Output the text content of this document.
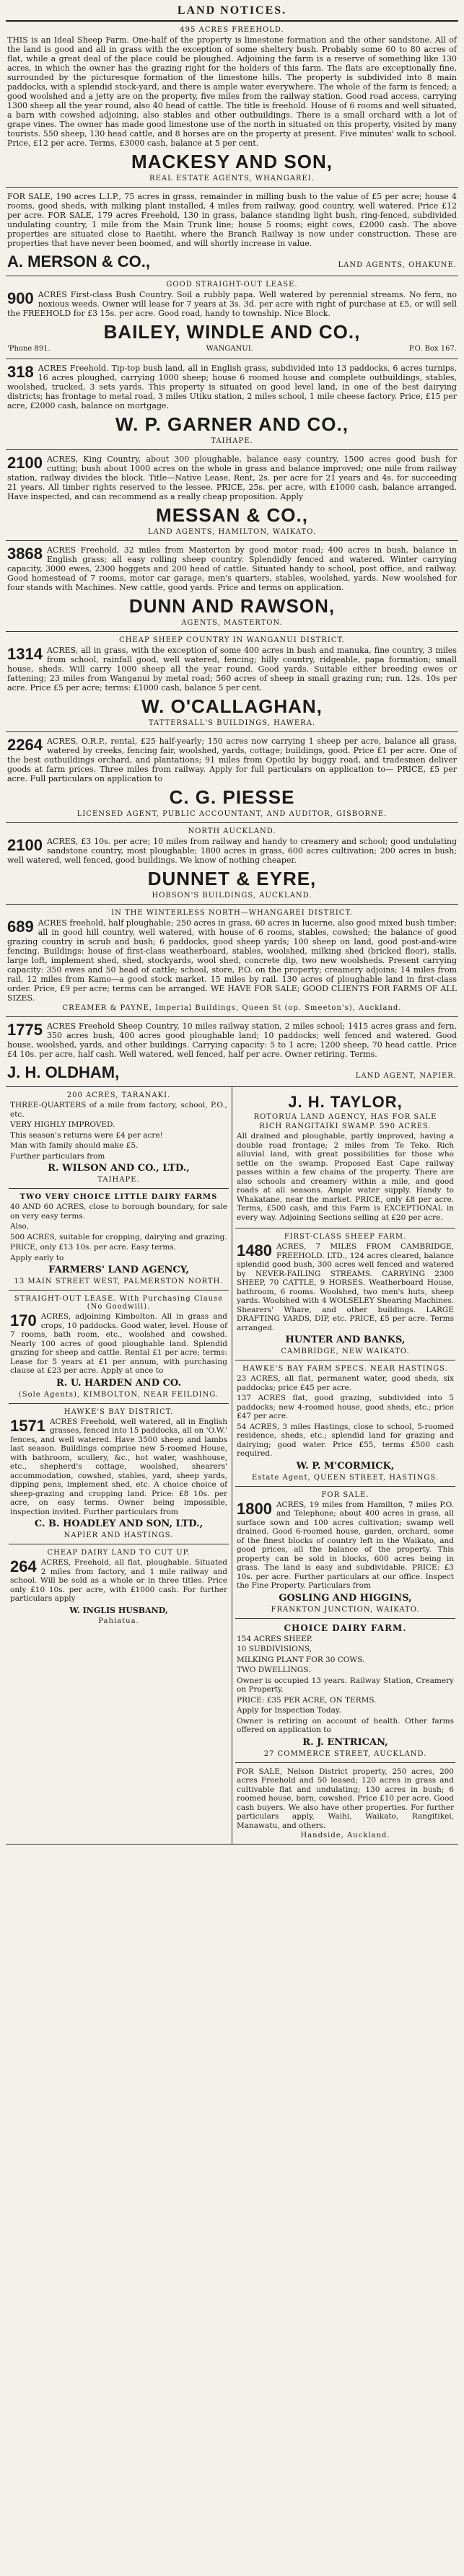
LAND NOTICES.
495 ACRES FREEHOLD.

THIS is an Ideal Sheep Farm. One-half of the property is limestone formation and the other sandstone. All of the land is good and all in grass with the exception of some sheltery bush. Probably some 60 to 80 acres of flat, while a great deal of the place could be ploughed. Adjoining the farm is a reserve of something like 130 acres, in which the owner has the grazing right for the holders of this farm. The flats are exceptionally fine, surrounded by the picturesque formation of the limestone hills. The property is subdivided into 8 main paddocks, with a splendid stock-yard, and there is ample water everywhere. The whole of the farm is fenced; a good woolshed and a jetty are on the property, five miles from the railway station. Good road access, carrying 1300 sheep all the year round, also 40 head of cattle. The title is freehold. House of 6 rooms and well situated, a barn with cowshed adjoining, also stables and other outbuildings. There is a small orchard with a lot of grape vines. The owner has made good limestone use of the north in situated on this property, visited by many tourists. 550 sheep, 130 head cattle, and 8 horses are on the property at present. Five minutes' walk to school. Price, £12 per acre. Terms, £3000 cash, balance at 5 per cent.

MACKESY AND SON,
REAL ESTATE AGENTS, WHANGAREI.

FOR SALE, 190 acres L.I.P., 75 acres in grass, remainder in milling bush to the value of £5 per acre; house 4 rooms, good sheds, with milking plant installed, 4 miles from railway, good country, well watered. Price £12 per acre. FOR SALE, 179 acres Freehold, 130 in grass, balance standing light bush, ring-fenced, subdivided undulating country, 1 mile from the Main Trunk line; house 5 rooms; eight cows, £2000 cash. The above properties are situated close to Raetihi, where the Branch Railway is now under construction. These are properties that have never been boomed, and will shortly increase in value.

A. MERSON & CO.,	LAND AGENTS, OHAKUNE.
GOOD STRAIGHT-OUT LEASE.

900 ACRES First-class Bush Country. Soil a rubbly papa. Well watered by perennial streams. No fern, no noxious weeds. Owner will lease for 7 years at 3s. 3d. per acre with right of purchase at £5, or will sell the FREEHOLD for £3 15s. per acre. Good road, handy to township. Nice Block.

BAILEY, WINDLE AND CO.,
'Phone 891.	WANGANUI.	P.O. Box 167.

318 ACRES Freehold. Tip-top bush land, all in English grass, subdivided into 13 paddocks, 6 acres turnips, 16 acres ploughed, carrying 1000 sheep; house 6 roomed house and complete outbuildings, stables, woolshed, trucked, 3 sets yards. This property is situated on good level land, in one of the best dairying districts; has frontage to metal road, 3 miles Utiku station, 2 miles school, 1 mile cheese factory. Price, £15 per acre, £2000 cash, balance on mortgage.

W. P. GARNER AND CO.,
TAIHAPE.

2100 ACRES, King Country, about 300 ploughable, balance easy country, 1500 acres good bush for cutting; bush about 1000 acres on the whole in grass and balance improved; one mile from railway station, railway divides the block. Title—Native Lease, Rent, 2s. per acre for 21 years and 4s. for succeeding 21 years. All timber rights reserved to the lessee. PRICE, 25s. per acre, with £1000 cash, balance arranged. Have inspected, and can recommend as a really cheap proposition. Apply

MESSAN & CO.,
LAND AGENTS, HAMILTON, WAIKATO.

3868 ACRES Freehold, 32 miles from Masterton by good motor road; 400 acres in bush, balance in English grass; all easy rolling sheep country. Splendidly fenced and watered. Winter carrying capacity, 3000 ewes, 2300 hoggets and 200 head of cattle. Situated handy to school, post office, and railway. Good homestead of 7 rooms, motor car garage, men's quarters, stables, woolshed, yards. New woolshed for four stands with Machines. New cattle, good yards. Price and terms on application.

DUNN AND RAWSON,
AGENTS, MASTERTON.
CHEAP SHEEP COUNTRY IN WANGANUI DISTRICT.

1314 ACRES, all in grass, with the exception of some 400 acres in bush and manuka, fine country, 3 miles from school, rainfall good, well watered, fencing; hilly country, ridgeable, papa formation; small house, sheds. Will carry 1000 sheep all the year round. Good yards. Suitable either breeding ewes or fattening; 23 miles from Wanganui by metal road; 560 acres of sheep in small grazing run; run. 12s. 10s per acre. Price £5 per acre; terms: £1000 cash, balance 5 per cent.

W. O'CALLAGHAN,
TATTERSALL'S BUILDINGS, HAWERA.

2264 ACRES, O.R.P., rental, £25 half-yearly; 150 acres now carrying 1 sheep per acre, balance all grass, watered by creeks, fencing fair, woolshed, yards, cottage; buildings, good. Price £1 per acre. One of the best outbuildings orchard, and plantations; 91 miles from Opotiki by buggy road, and tradesmen deliver goods at farm prices. Three miles from railway. Apply for full particulars on application to— PRICE, £5 per acre. Full particulars on application to

C. G. PIESSE
LICENSED AGENT, PUBLIC ACCOUNTANT, AND AUDITOR, GISBORNE.
NORTH AUCKLAND.

2100 ACRES, £3 10s. per acre; 10 miles from railway and handy to creamery and school; good undulating sandstone country, most ploughable; 1800 acres in grass, 600 acres cultivation; 200 acres in bush; well watered, well fenced, good buildings. We know of nothing cheaper.

DUNNET & EYRE,
HOBSON'S BUILDINGS, AUCKLAND.
IN THE WINTERLESS NORTH—WHANGAREI DISTRICT.

689 ACRES freehold, half ploughable; 250 acres in grass, 60 acres in lucerne, also good mixed bush timber; all in good hill country, well watered, with house of 6 rooms, stables, cowshed; the balance of good grazing country in scrub and bush; 6 paddocks, good sheep yards; 100 sheep on land, good post-and-wire fencing. Buildings: house of first-class weatherboard, stables, woolshed, milking shed (bricked floor), stalls, large loft, implement shed, shed, stockyards, wool shed, concrete dip, two new woolsheds. Present carrying capacity: 350 ewes and 50 head of cattle; school, store, P.O. on the property; creamery adjoins; 14 miles from rail, 12 miles from Kamo—a good stock market. 15 miles by rail. 130 acres of ploughable land in first-class order. Price, £9 per acre; terms can be arranged. WE HAVE FOR SALE; GOOD CLIENTS FOR FARMS OF ALL SIZES.

CREAMER & PAYNE, Imperial Buildings, Queen St (op. Smeeton's), Auckland.

1775 ACRES Freehold Sheep Country, 10 miles railway station, 2 miles school; 1415 acres grass and fern, 350 acres bush, 400 acres good ploughable land; 10 paddocks; well fenced and watered. Good house, woolshed, yards, and other buildings. Carrying capacity: 5 to 1 acre; 1200 sheep, 70 head cattle. Price £4 10s. per acre, half cash. Well watered, well fenced, half per acre. Owner retiring. Terms.

J. H. OLDHAM,	LAND AGENT, NAPIER.
200 ACRES, TARANAKI.

THREE-QUARTERS of a mile from factory, school, P.O., etc.

VERY HIGHLY IMPROVED.

This season's returns were £4 per acre!

Man with family should make £5.

Further particulars from

R. WILSON AND CO., LTD.,
TAIHAPE.
TWO VERY CHOICE LITTLE DAIRY FARMS

40 AND 60 ACRES, close to borough boundary, for sale on very easy terms.

Also,

500 ACRES, suitable for cropping, dairying and grazing.

PRICE, only £13 10s. per acre. Easy terms.

Apply early to

FARMERS' LAND AGENCY,
13 MAIN STREET WEST, PALMERSTON NORTH.
STRAIGHT-OUT LEASE. With Purchasing Clause (No Goodwill).

170 ACRES, adjoining Kimbolton. All in grass and crops, 10 paddocks. Good water, level. House of 7 rooms, bath room, etc., woolshed and cowshed. Nearly 100 acres of good ploughable land. Splendid grazing for sheep and cattle. Rental £1 per acre; terms: Lease for 5 years at £1 per annum, with purchasing clause at £23 per acre. Apply at once to

R. U. HARDEN AND CO.
(Sole Agents), KIMBOLTON, NEAR FEILDING.
HAWKE'S BAY DISTRICT.

1571 ACRES Freehold, well watered, all in English grasses, fenced into 15 paddocks, all on 'O.W.' fences, and well watered. Have 3500 sheep and lambs last season. Buildings comprise new 5-roomed House, with bathroom, scullery, &c., hot water, washhouse, etc., shepherd's cottage, woolshed, shearers' accommodation, cowshed, stables, yard, sheep yards, dipping pens, implement shed, etc. A choice choice of sheep-grazing and cropping land. Price: £8 10s. per acre, on easy terms. Owner being impossible, inspection invited. Further particulars from

C. B. HOADLEY AND SON, LTD.,
NAPIER AND HASTINGS.
CHEAP DAIRY LAND TO CUT UP.

264 ACRES, Freehold, all flat, ploughable. Situated 2 miles from factory, and 1 mile railway and school. Will be sold as a whole or in three titles. Price only £10 10s. per acre, with £1000 cash. For further particulars apply

W. INGLIS HUSBAND,
Pahiatua.
J. H. TAYLOR,
ROTORUA LAND AGENCY, HAS FOR SALE
RICH RANGITAIKI SWAMP. 590 ACRES.

All drained and ploughable, partly improved, having a double road frontage; 2 miles from Te Teko. Rich alluvial land, with great possibilities for those who settle on the swamp. Proposed East Cape railway passes within a few chains of the property. There are also schools and creamery within a mile, and good roads at all seasons. Ample water supply. Handy to Whakatane, near the market. PRICE, only £8 per acre. Terms, £500 cash, and this Farm is EXCEPTIONAL in every way. Adjoining Sections selling at £20 per acre.

FIRST-CLASS SHEEP FARM.

1480 ACRES, 7 MILES FROM CAMBRIDGE, FREEHOLD. LTD., 124 acres cleared, balance splendid good bush, 300 acres well fenced and watered by NEVER-FAILING STREAMS. CARRYING 2300 SHEEP, 70 CATTLE, 9 HORSES. Weatherboard House, bathroom, 6 rooms. Woolshed, two men's huts, sheep yards. Woolshed with 4 WOLSELEY Shearing Machines. Shearers' Whare, and other buildings. LARGE DRAFTING YARDS, DIP, etc. PRICE, £5 per acre. Terms arranged.

HUNTER AND BANKS,
CAMBRIDGE, NEW WAIKATO.
HAWKE'S BAY FARM SPECS. NEAR HASTINGS.

23 ACRES, all flat, permanent water, good sheds, six paddocks; price £45 per acre.

137 ACRES flat, good grazing, subdivided into 5 paddocks; new 4-roomed house, good sheds, etc.; price £47 per acre.

54 ACRES, 3 miles Hastings, close to school, 5-roomed residence, sheds, etc.; splendid land for grazing and dairying; good water. Price £55, terms £500 cash required.

W. P. M'CORMICK,
Estate Agent, QUEEN STREET, HASTINGS.
FOR SALE.

1800 ACRES, 19 miles from Hamilton, 7 miles P.O. and Telephone; about 400 acres in grass, all surface sown and 100 acres cultivation; swamp well drained. Good 6-roomed house, garden, orchard, some of the finest blocks of country left in the Waikato, and good prices, all the balance of the property. This property can be sold in blocks, 600 acres being in grass. The land is easy and subdividable. PRICE: £3 10s. per acre. Further particulars at our office. Inspect the Fine Property. Particulars from

GOSLING AND HIGGINS,
FRANKTON JUNCTION, WAIKATO.
CHOICE DAIRY FARM.

154 ACRES SHEEP.

10 SUBDIVISIONS,

MILKING PLANT FOR 30 COWS.

TWO DWELLINGS.

Owner is occupied 13 years. Railway Station, Creamery on Property.

PRICE: £35 PER ACRE, ON TERMS.

Apply for Inspection Today.

Owner is retiring on account of health. Other farms offered on application to

R. J. ENTRICAN,
27 COMMERCE STREET, AUCKLAND.

FOR SALE, Nelson District property, 250 acres, 200 acres Freehold and 50 leased; 120 acres in grass and cultivable flat and undulating; 130 acres in bush; 6 roomed house, barn, cowshed. Price £10 per acre. Good cash buyers. We also have other properties. For further particulars apply, Waihi, Waikato, Rangitikei, Manawatu, and others.

Handside, Auckland.
